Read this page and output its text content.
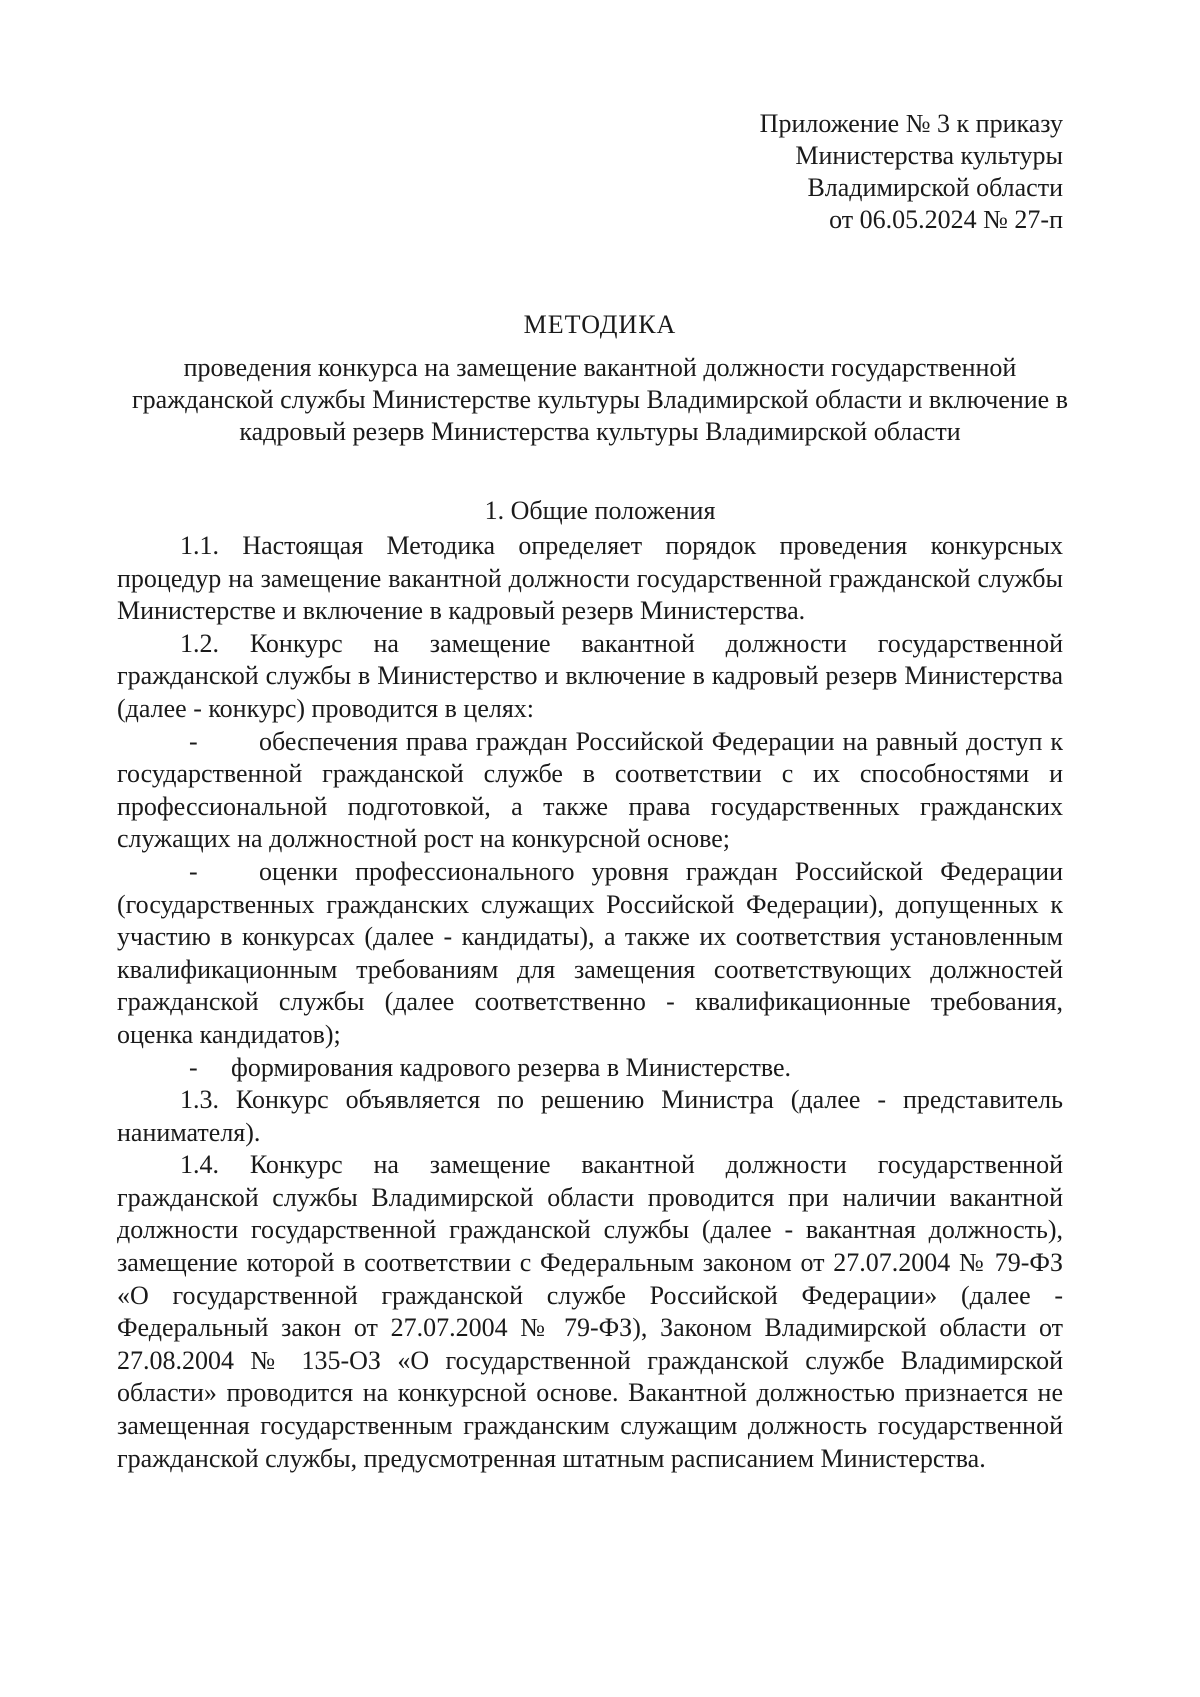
Приложение № 3 к приказу
Министерства культуры
Владимирской области
от 06.05.2024 № 27-п
МЕТОДИКА
проведения конкурса на замещение вакантной должности государственной гражданской службы Министерстве культуры Владимирской области и включение в кадровый резерв Министерства культуры Владимирской области
1. Общие положения

1.1. Настоящая Методика определяет порядок проведения конкурсных процедур на замещение вакантной должности государственной гражданской службы Министерстве и включение в кадровый резерв Министерства.

1.2. Конкурс на замещение вакантной должности государственной гражданской службы в Министерство и включение в кадровый резерв Министерства (далее - конкурс) проводится в целях:

- обеспечения права граждан Российской Федерации на равный доступ к государственной гражданской службе в соответствии с их способностями и профессиональной подготовкой, а также права государственных гражданских служащих на должностной рост на конкурсной основе;

- оценки профессионального уровня граждан Российской Федерации (государственных гражданских служащих Российской Федерации), допущенных к участию в конкурсах (далее - кандидаты), а также их соответствия установленным квалификационным требованиям для замещения соответствующих должностей гражданской службы (далее соответственно - квалификационные требования, оценка кандидатов);

- формирования кадрового резерва в Министерстве.

1.3. Конкурс объявляется по решению Министра (далее - представитель нанимателя).

1.4. Конкурс на замещение вакантной должности государственной гражданской службы Владимирской области проводится при наличии вакантной должности государственной гражданской службы (далее - вакантная должность), замещение которой в соответствии с Федеральным законом от 27.07.2004 № 79-ФЗ «О государственной гражданской службе Российской Федерации» (далее - Федеральный закон от 27.07.2004 № 79-ФЗ), Законом Владимирской области от 27.08.2004 № 135-ОЗ «О государственной гражданской службе Владимирской области» проводится на конкурсной основе. Вакантной должностью признается не замещенная государственным гражданским служащим должность государственной гражданской службы, предусмотренная штатным расписанием Министерства.
